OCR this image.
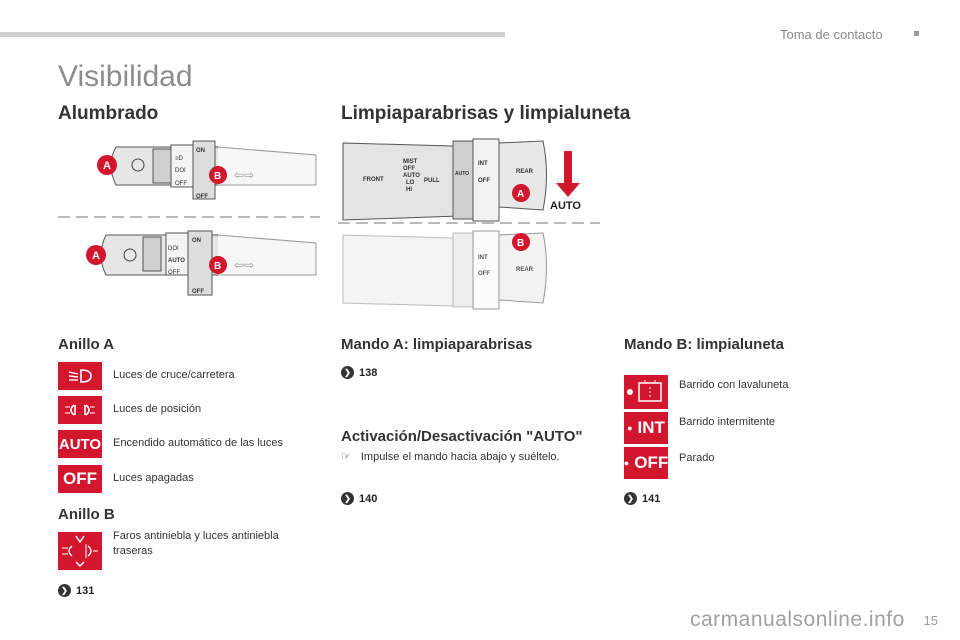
Toma de contacto
Visibilidad
Alumbrado	Limpiaparabrisas y limpialuneta
≡D
DOI
OFF
ON
OFF
A
B ⇦⇨
DOI
AUTO
OFF
ON
OFF
A
B ⇦⇨
FRONT
MIST
OFF
AUTO
LO
HI
PULL
AUTO
INT
OFF
REAR
A
AUTO
INT
OFF
REAR
B
Anillo A
Luces de cruce/carretera
Luces de posición
AUTO Encendido automático de las luces
OFF	Luces apagadas
Anillo B
Faros antiniebla y luces antiniebla traseras
❯ 131
Mando A: limpiaparabrisas
❯ 138
Activación/Desactivación "AUTO"
☞ Impulse el mando hacia abajo y suéltelo.
❯ 140
Mando B: limpialuneta
Barrido con lavaluneta
● INT Barrido intermitente
● OFF Parado
❯ 141
carmanualsonline.info 15
